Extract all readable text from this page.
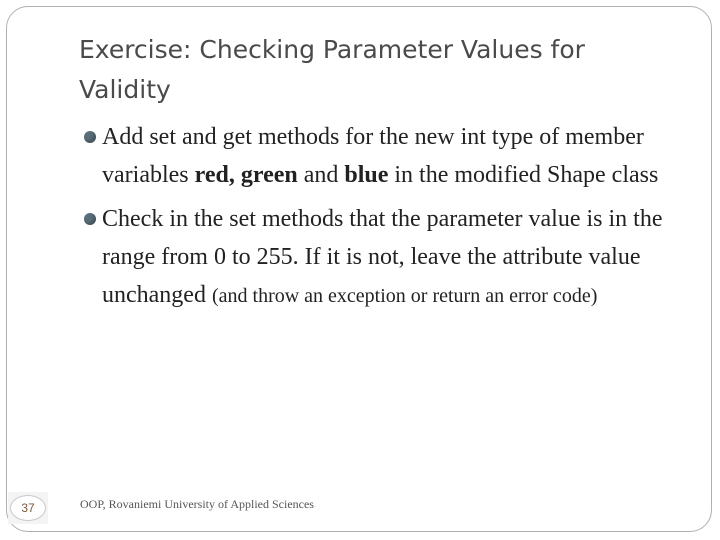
Exercise: Checking Parameter Values for Validity
Add set and get methods for the new int type of member variables red, green and blue in the modified Shape class
Check in the set methods that the parameter value is in the range from 0 to 255. If it is not, leave the attribute value unchanged (and throw an exception or return an error code)
37	OOP, Rovaniemi University of Applied Sciences
